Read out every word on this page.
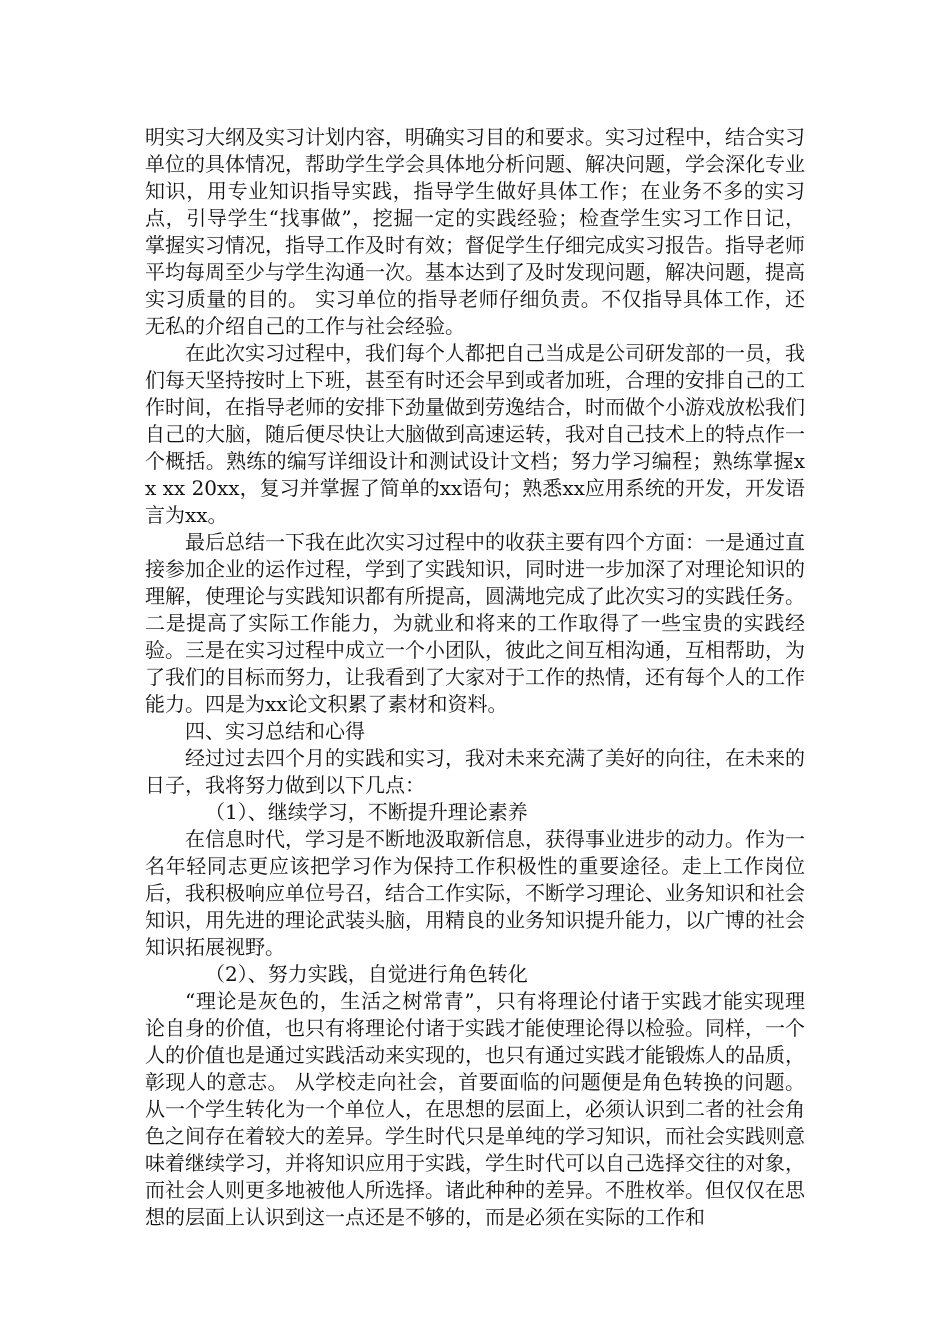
明实习大纲及实习计划内容，明确实习目的和要求。实习过程中，结合实习单位的具体情况，帮助学生学会具体地分析问题、解决问题，学会深化专业知识，用专业知识指导实践，指导学生做好具体工作；在业务不多的实习点，引导学生“找事做”，挖掘一定的实践经验；检查学生实习工作日记，掌握实习情况，指导工作及时有效；督促学生仔细完成实习报告。指导老师平均每周至少与学生沟通一次。基本达到了及时发现问题，解决问题，提高实习质量的目的。 实习单位的指导老师仔细负责。不仅指导具体工作，还无私的介绍自己的工作与社会经验。

在此次实习过程中，我们每个人都把自己当成是公司研发部的一员，我们每天坚持按时上下班，甚至有时还会早到或者加班，合理的安排自己的工作时间，在指导老师的安排下劲量做到劳逸结合，时而做个小游戏放松我们自己的大脑，随后便尽快让大脑做到高速运转，我对自己技术上的特点作一个概括。熟练的编写详细设计和测试设计文档；努力学习编程；熟练掌握xx xx 20xx，复习并掌握了简单的xx语句；熟悉xx应用系统的开发，开发语言为xx。

最后总结一下我在此次实习过程中的收获主要有四个方面：一是通过直接参加企业的运作过程，学到了实践知识，同时进一步加深了对理论知识的理解，使理论与实践知识都有所提高，圆满地完成了此次实习的实践任务。二是提高了实际工作能力，为就业和将来的工作取得了一些宝贵的实践经验。三是在实习过程中成立一个小团队，彼此之间互相沟通，互相帮助，为了我们的目标而努力，让我看到了大家对于工作的热情，还有每个人的工作能力。四是为xx论文积累了素材和资料。

四、实习总结和心得

经过过去四个月的实践和实习，我对未来充满了美好的向往，在未来的日子，我将努力做到以下几点：

（1）、继续学习，不断提升理论素养

在信息时代，学习是不断地汲取新信息，获得事业进步的动力。作为一名年轻同志更应该把学习作为保持工作积极性的重要途径。走上工作岗位后，我积极响应单位号召，结合工作实际，不断学习理论、业务知识和社会知识，用先进的理论武装头脑，用精良的业务知识提升能力，以广博的社会知识拓展视野。

（2）、努力实践，自觉进行角色转化

“理论是灰色的，生活之树常青”，只有将理论付诸于实践才能实现理论自身的价值，也只有将理论付诸于实践才能使理论得以检验。同样，一个人的价值也是通过实践活动来实现的，也只有通过实践才能锻炼人的品质，彰现人的意志。 从学校走向社会，首要面临的问题便是角色转换的问题。从一个学生转化为一个单位人，在思想的层面上，必须认识到二者的社会角色之间存在着较大的差异。学生时代只是单纯的学习知识，而社会实践则意味着继续学习，并将知识应用于实践，学生时代可以自己选择交往的对象，而社会人则更多地被他人所选择。诸此种种的差异。不胜枚举。但仅仅在思想的层面上认识到这一点还是不够的，而是必须在实际的工作和
